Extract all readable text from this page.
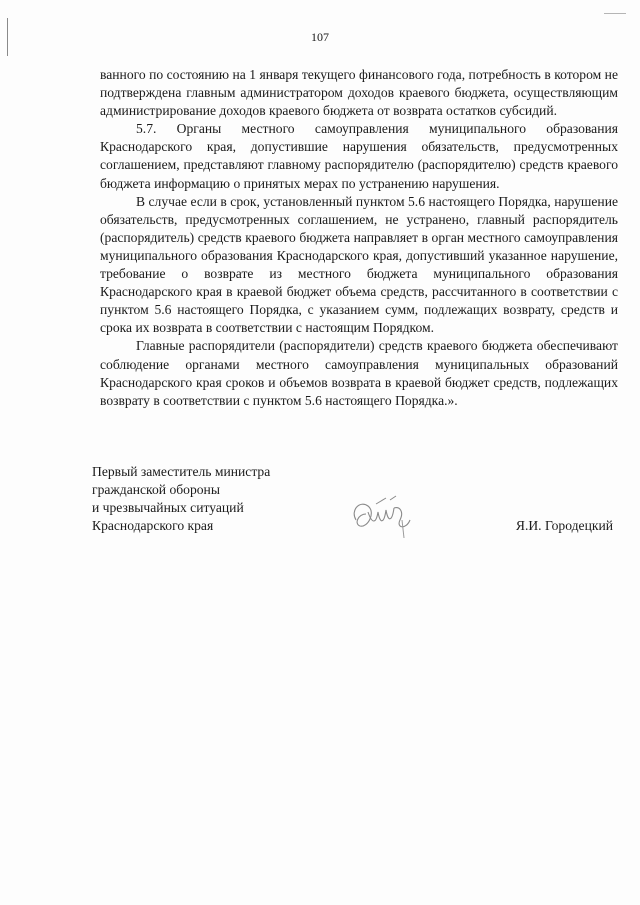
107

ванного по состоянию на 1 января текущего финансового года, потребность в котором не подтверждена главным администратором доходов краевого бюджета, осуществляющим администрирование доходов краевого бюджета от возврата остатков субсидий.

5.7. Органы местного самоуправления муниципального образования Краснодарского края, допустившие нарушения обязательств, предусмотренных соглашением, представляют главному распорядителю (распорядителю) средств краевого бюджета информацию о принятых мерах по устранению нарушения.

В случае если в срок, установленный пунктом 5.6 настоящего Порядка, нарушение обязательств, предусмотренных соглашением, не устранено, главный распорядитель (распорядитель) средств краевого бюджета направляет в орган местного самоуправления муниципального образования Краснодарского края, допустивший указанное нарушение, требование о возврате из местного бюджета муниципального образования Краснодарского края в краевой бюджет объема средств, рассчитанного в соответствии с пунктом 5.6 настоящего Порядка, с указанием сумм, подлежащих возврату, средств и срока их возврата в соответствии с настоящим Порядком.

Главные распорядители (распорядители) средств краевого бюджета обеспечивают соблюдение органами местного самоуправления муниципальных образований Краснодарского края сроков и объемов возврата в краевой бюджет средств, подлежащих возврату в соответствии с пунктом 5.6 настоящего Порядка.».

Первый заместитель министра
гражданской обороны
и чрезвычайных ситуаций
Краснодарского края	Я.И. Городецкий
